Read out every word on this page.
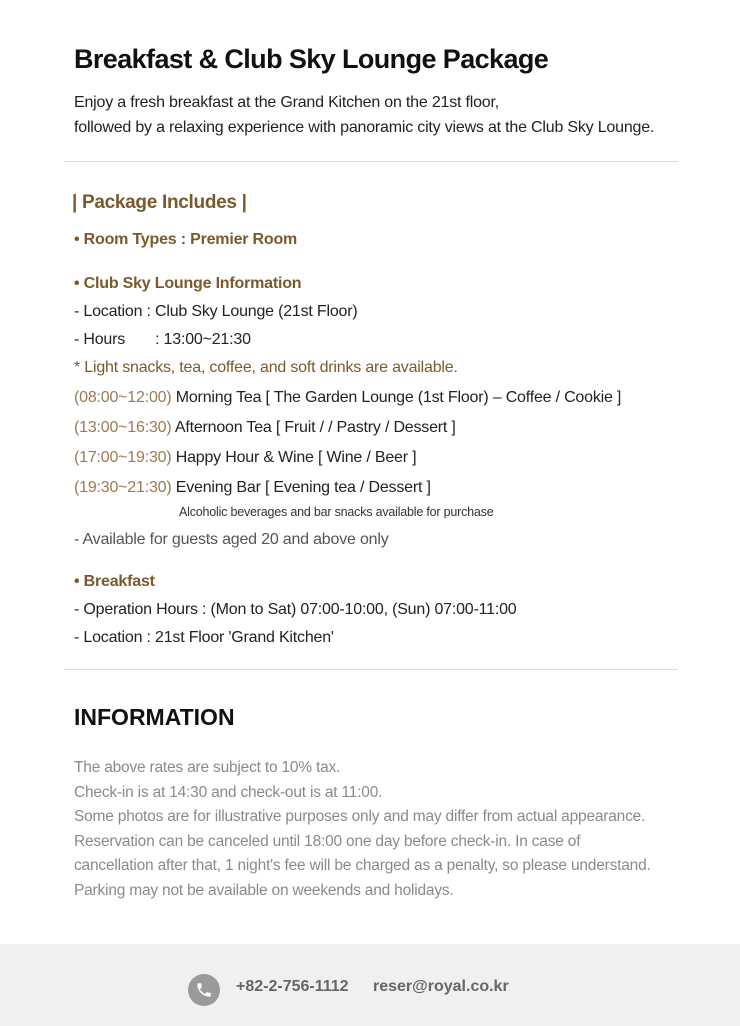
Breakfast & Club Sky Lounge Package
Enjoy a fresh breakfast at the Grand Kitchen on the 21st floor,
followed by a relaxing experience with panoramic city views at the Club Sky Lounge.
| Package Includes |
• Room Types : Premier Room
• Club Sky Lounge Information
- Location : Club Sky Lounge (21st Floor)
- Hours : 13:00~21:30
* Light snacks, tea, coffee, and soft drinks are available.
(08:00~12:00) Morning Tea [ The Garden Lounge (1st Floor) – Coffee / Cookie ]
(13:00~16:30) Afternoon Tea [ Fruit / / Pastry / Dessert ]
(17:00~19:30) Happy Hour & Wine [ Wine / Beer ]
(19:30~21:30) Evening Bar [ Evening tea / Dessert ]
Alcoholic beverages and bar snacks available for purchase
- Available for guests aged 20 and above only
• Breakfast
- Operation Hours : (Mon to Sat) 07:00-10:00, (Sun) 07:00-11:00
- Location : 21st Floor 'Grand Kitchen'
INFORMATION
The above rates are subject to 10% tax.
Check-in is at 14:30 and check-out is at 11:00.
Some photos are for illustrative purposes only and may differ from actual appearance.
Reservation can be canceled until 18:00 one day before check-in. In case of
cancellation after that, 1 night's fee will be charged as a penalty, so please understand.
Parking may not be available on weekends and holidays.
+82-2-756-1112 reser@royal.co.kr
